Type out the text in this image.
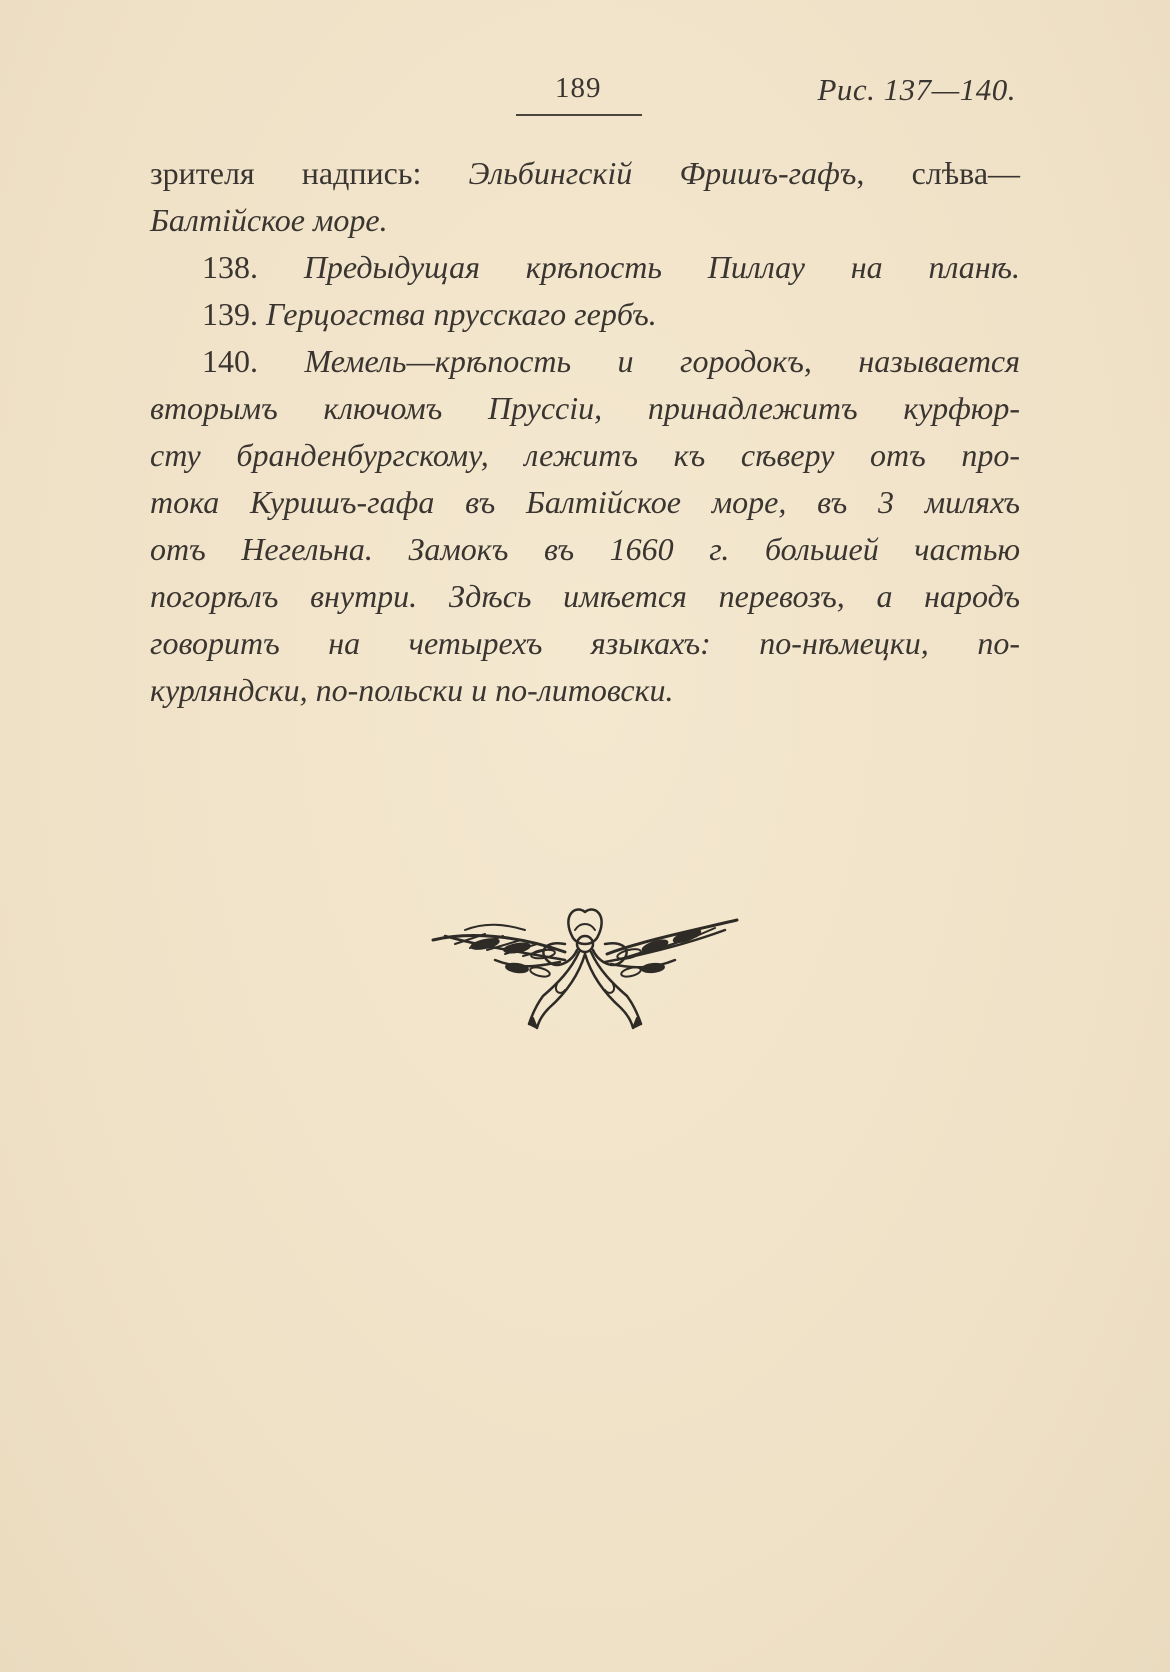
189	Рис. 137—140.
зрителя надпись: Эльбингскій Фришъ-гафъ, слѣва—
Балтійское море.
138. Предыдущая крѣпость Пиллау на планѣ.
139. Герцогства прусскаго гербъ.
140. Мемель—крѣпость и городокъ, называется
вторымъ ключомъ Пруссіи, принадлежитъ курфюр-
сту бранденбургскому, лежитъ къ сѣверу отъ про-
тока Куришъ-гафа въ Балтійское море, въ 3 миляхъ
отъ Негельна. Замокъ въ 1660 г. большей частью
погорѣлъ внутри. Здѣсь имѣется перевозъ, а народъ
говоритъ на четырехъ языкахъ: по-нѣмецки, по-
курляндски, по-польски и по-литовски.
